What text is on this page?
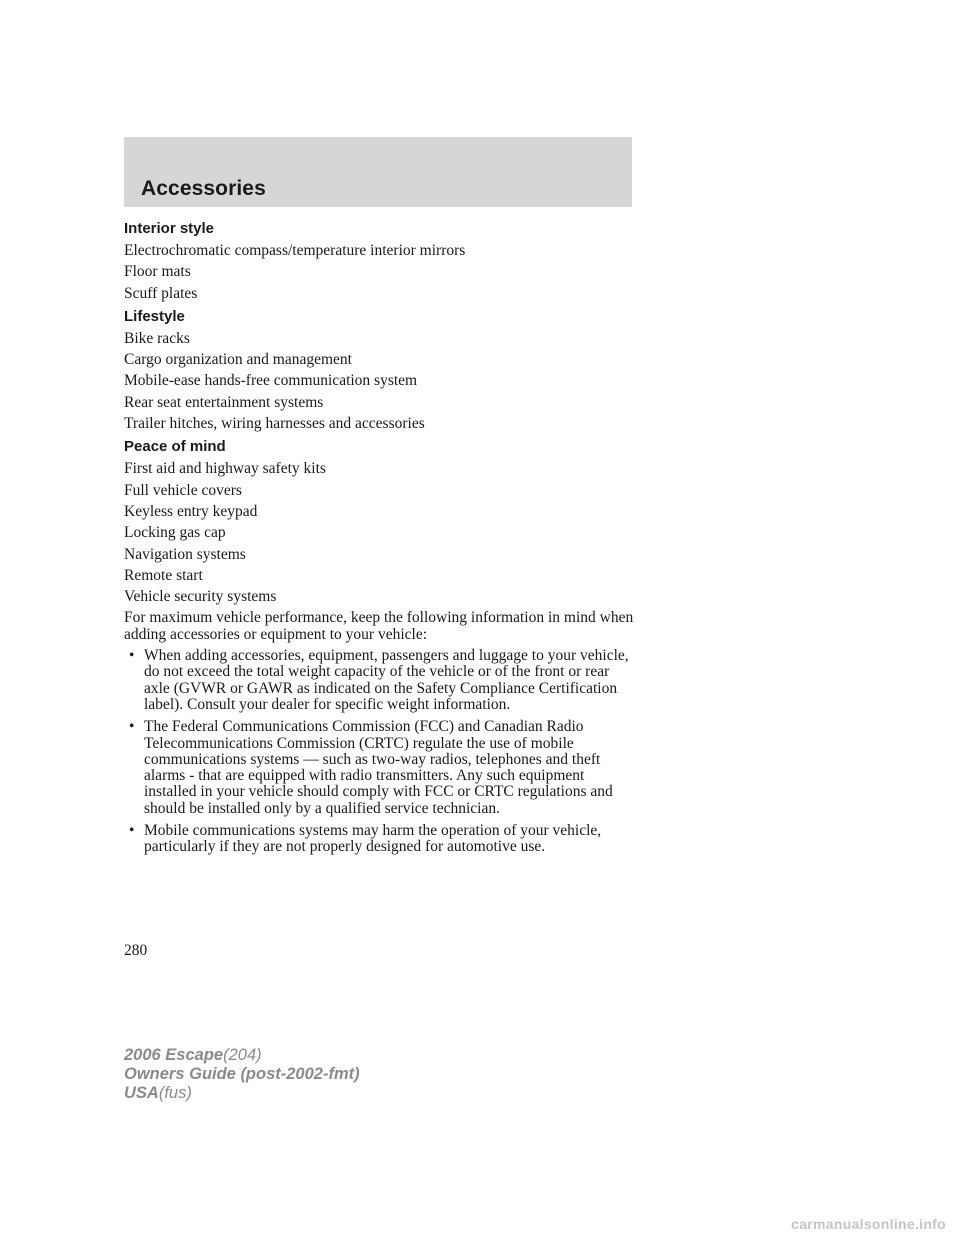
Accessories
Interior style
Electrochromatic compass/temperature interior mirrors
Floor mats
Scuff plates
Lifestyle
Bike racks
Cargo organization and management
Mobile-ease hands-free communication system
Rear seat entertainment systems
Trailer hitches, wiring harnesses and accessories
Peace of mind
First aid and highway safety kits
Full vehicle covers
Keyless entry keypad
Locking gas cap
Navigation systems
Remote start
Vehicle security systems
For maximum vehicle performance, keep the following information in mind when adding accessories or equipment to your vehicle:
• When adding accessories, equipment, passengers and luggage to your vehicle, do not exceed the total weight capacity of the vehicle or of the front or rear axle (GVWR or GAWR as indicated on the Safety Compliance Certification label). Consult your dealer for specific weight information.
• The Federal Communications Commission (FCC) and Canadian Radio Telecommunications Commission (CRTC) regulate the use of mobile communications systems — such as two-way radios, telephones and theft alarms - that are equipped with radio transmitters. Any such equipment installed in your vehicle should comply with FCC or CRTC regulations and should be installed only by a qualified service technician.
• Mobile communications systems may harm the operation of your vehicle, particularly if they are not properly designed for automotive use.
280
2006 Escape(204)
Owners Guide (post-2002-fmt)
USA(fus)
carmanualsonline.info
